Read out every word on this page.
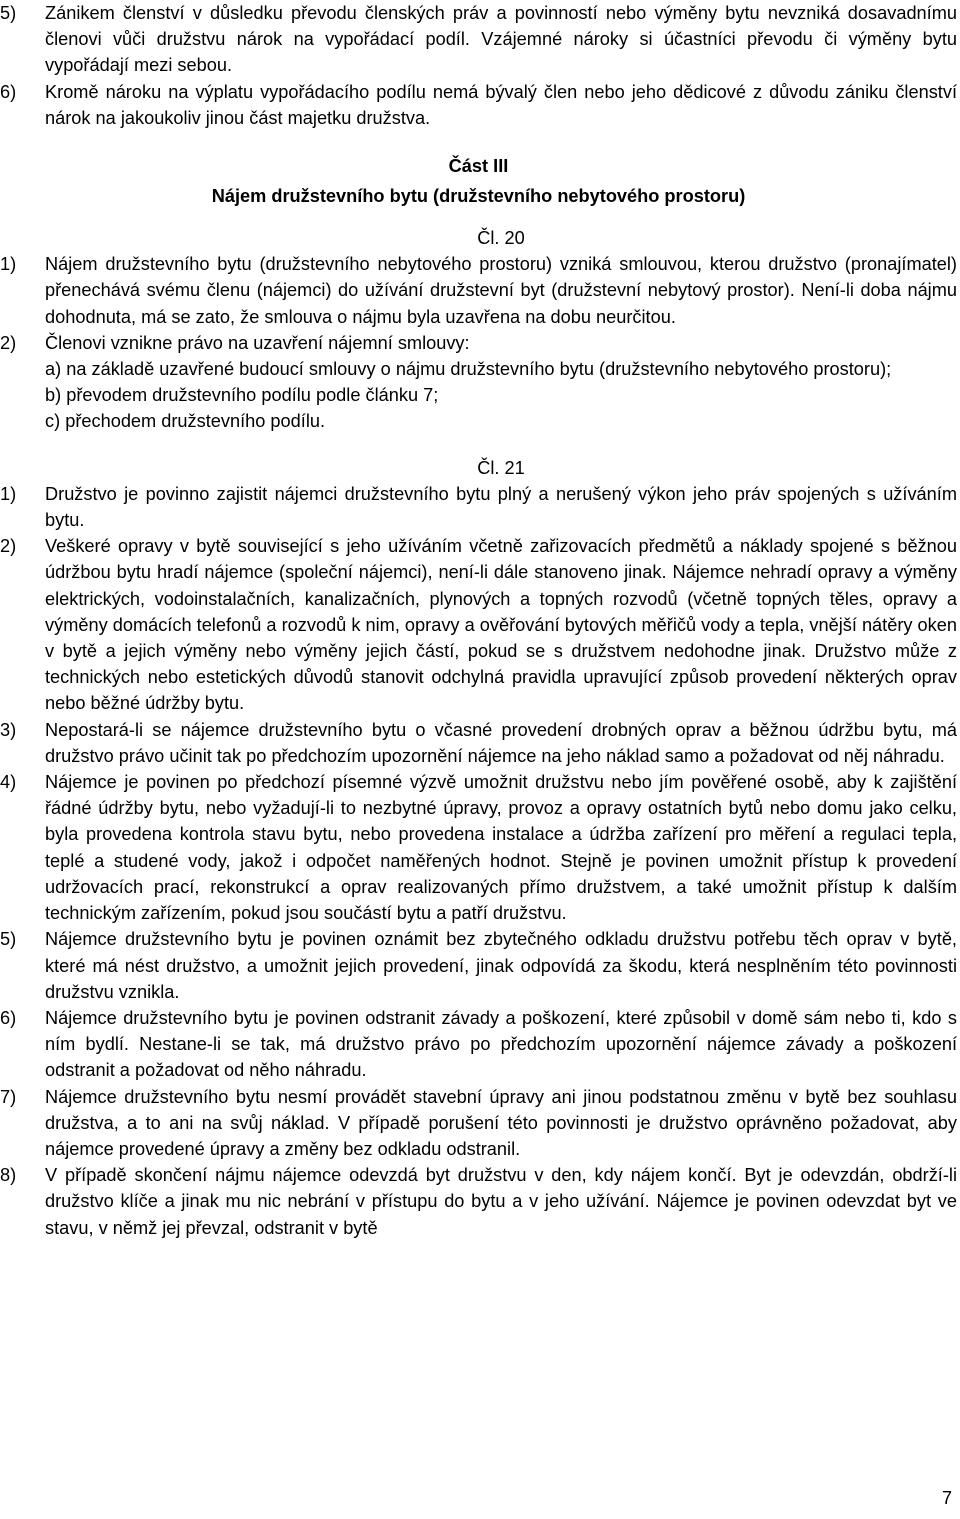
5) Zánikem členství v důsledku převodu členských práv a povinností nebo výměny bytu nevzniká dosavadnímu členovi vůči družstvu nárok na vypořádací podíl. Vzájemné nároky si účastníci převodu či výměny bytu vypořádají mezi sebou.

6) Kromě nároku na výplatu vypořádacího podílu nemá bývalý člen nebo jeho dědicové z důvodu zániku členství nárok na jakoukoliv jinou část majetku družstva.

Část III
Nájem družstevního bytu (družstevního nebytového prostoru)
Čl. 20
1) Nájem družstevního bytu (družstevního nebytového prostoru) vzniká smlouvou, kterou družstvo (pronajímatel) přenechává svému členu (nájemci) do užívání družstevní byt (družstevní nebytový prostor). Není-li doba nájmu dohodnuta, má se zato, že smlouva o nájmu byla uzavřena na dobu neurčitou.

2) Členovi vznikne právo na uzavření nájemní smlouvy:

a) na základě uzavřené budoucí smlouvy o nájmu družstevního bytu (družstevního nebytového prostoru);

b) převodem družstevního podílu podle článku 7;

c) přechodem družstevního podílu.

Čl. 21
1) Družstvo je povinno zajistit nájemci družstevního bytu plný a nerušený výkon jeho práv spojených s užíváním bytu.

2) Veškeré opravy v bytě související s jeho užíváním včetně zařizovacích předmětů a náklady spojené s běžnou údržbou bytu hradí nájemce (společní nájemci), není-li dále stanoveno jinak. Nájemce nehradí opravy a výměny elektrických, vodoinstalačních, kanalizačních, plynových a topných rozvodů (včetně topných těles, opravy a výměny domácích telefonů a rozvodů k nim, opravy a ověřování bytových měřičů vody a tepla, vnější nátěry oken v bytě a jejich výměny nebo výměny jejich částí, pokud se s družstvem nedohodne jinak. Družstvo může z technických nebo estetických důvodů stanovit odchylná pravidla upravující způsob provedení některých oprav nebo běžné údržby bytu.

3) Nepostará-li se nájemce družstevního bytu o včasné provedení drobných oprav a běžnou údržbu bytu, má družstvo právo učinit tak po předchozím upozornění nájemce na jeho náklad samo a požadovat od něj náhradu.

4) Nájemce je povinen po předchozí písemné výzvě umožnit družstvu nebo jím pověřené osobě, aby k zajištění řádné údržby bytu, nebo vyžadují-li to nezbytné úpravy, provoz a opravy ostatních bytů nebo domu jako celku, byla provedena kontrola stavu bytu, nebo provedena instalace a údržba zařízení pro měření a regulaci tepla, teplé a studené vody, jakož i odpočet naměřených hodnot. Stejně je povinen umožnit přístup k provedení udržovacích prací, rekonstrukcí a oprav realizovaných přímo družstvem, a také umožnit přístup k dalším technickým zařízením, pokud jsou součástí bytu a patří družstvu.

5) Nájemce družstevního bytu je povinen oznámit bez zbytečného odkladu družstvu potřebu těch oprav v bytě, které má nést družstvo, a umožnit jejich provedení, jinak odpovídá za škodu, která nesplněním této povinnosti družstvu vznikla.

6) Nájemce družstevního bytu je povinen odstranit závady a poškození, které způsobil v domě sám nebo ti, kdo s ním bydlí. Nestane-li se tak, má družstvo právo po předchozím upozornění nájemce závady a poškození odstranit a požadovat od něho náhradu.

7) Nájemce družstevního bytu nesmí provádět stavební úpravy ani jinou podstatnou změnu v bytě bez souhlasu družstva, a to ani na svůj náklad. V případě porušení této povinnosti je družstvo oprávněno požadovat, aby nájemce provedené úpravy a změny bez odkladu odstranil.

8) V případě skončení nájmu nájemce odevzdá byt družstvu v den, kdy nájem končí. Byt je odevzdán, obdrží-li družstvo klíče a jinak mu nic nebrání v přístupu do bytu a v jeho užívání. Nájemce je povinen odevzdat byt ve stavu, v němž jej převzal, odstranit v bytě

7
